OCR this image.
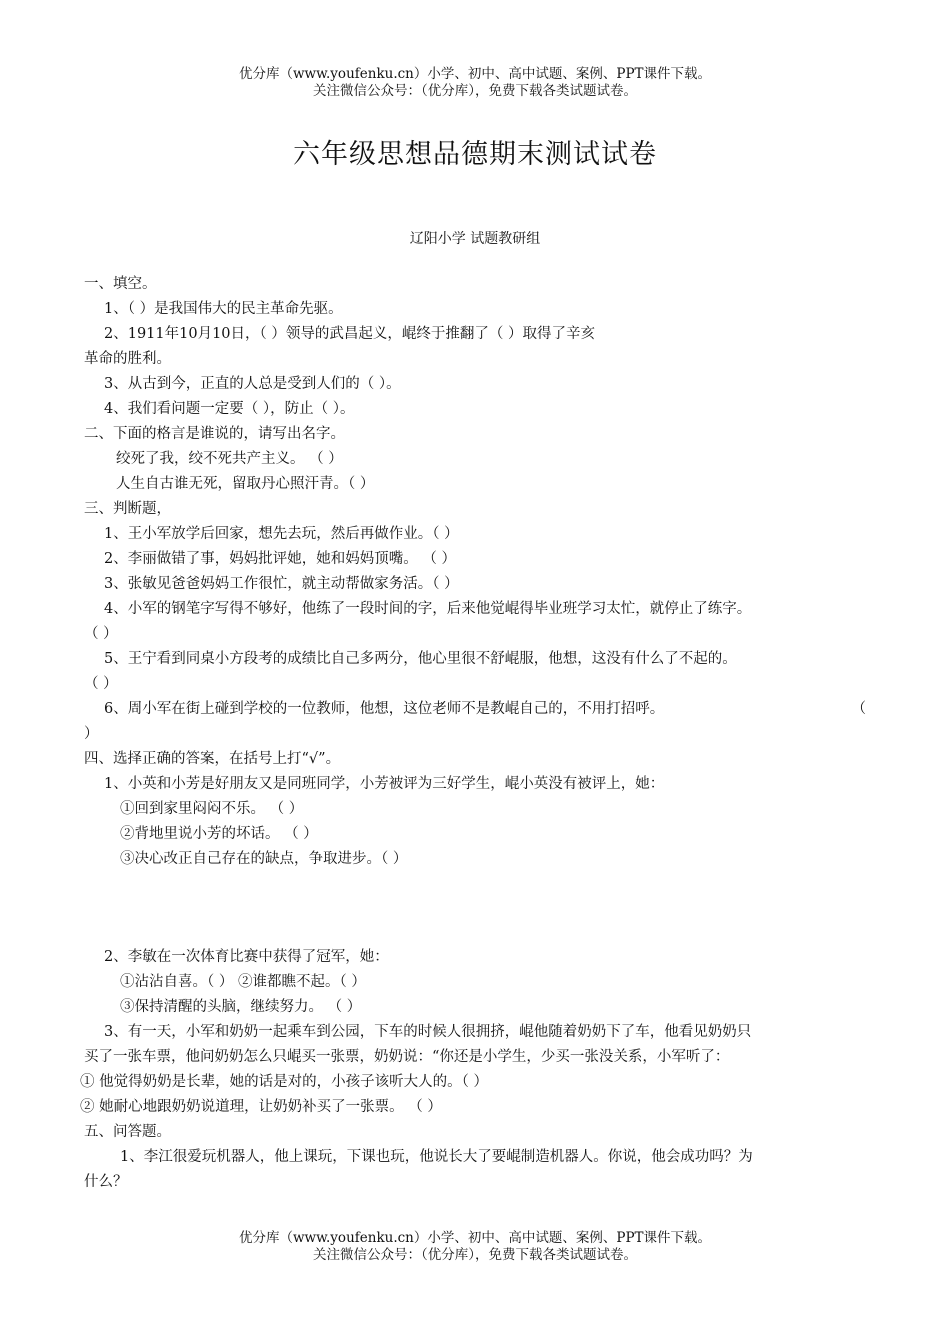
优分库（www.youfenku.cn）小学、初中、高中试题、案例、PPT课件下载。
关注微信公众号：（优分库），免费下载各类试题试卷。
六年级思想品德期末测试试卷
辽阳小学 试题教研组
一、填空。
1、（ ）是我国伟大的民主革命先驱。
2、1911年10月10日，（ ）领导的武昌起义，崐终于推翻了（ ）取得了辛亥
革命的胜利。
3、从古到今，正直的人总是受到人们的（ ）。
4、我们看问题一定要（ ），防止（ ）。
二、下面的格言是谁说的，请写出名字。
绞死了我，绞不死共产主义。 （ ）
人生自古谁无死，留取丹心照汗青。（ ）
三、判断题，
1、王小军放学后回家，想先去玩，然后再做作业。（ ）
2、李丽做错了事，妈妈批评她，她和妈妈顶嘴。 （ ）
3、张敏见爸爸妈妈工作很忙，就主动帮做家务活。（ ）
4、小军的钢笔字写得不够好，他练了一段时间的字，后来他觉崐得毕业班学习太忙，就停止了练字。
（ ）
5、王宁看到同桌小方段考的成绩比自己多两分，他心里很不舒崐服，他想，这没有什么了不起的。
（ ）
6、周小军在街上碰到学校的一位教师，他想，这位老师不是教崐自己的，不用打招呼。	（
）
四、选择正确的答案，在括号上打“√”。
1、小英和小芳是好朋友又是同班同学，小芳被评为三好学生，崐小英没有被评上，她：
①回到家里闷闷不乐。 （ ）
②背地里说小芳的坏话。 （ ）
③决心改正自己存在的缺点，争取进步。（ ）
2、李敏在一次体育比赛中获得了冠军，她：
①沾沾自喜。（ ） ②谁都瞧不起。（ ）
③保持清醒的头脑，继续努力。 （ ）
3、有一天，小军和奶奶一起乘车到公园，下车的时候人很拥挤，崐他随着奶奶下了车，他看见奶奶只
买了一张车票，他问奶奶怎么只崐买一张票，奶奶说：“你还是小学生，少买一张没关系，小军听了：
① 他觉得奶奶是长辈，她的话是对的，小孩子该听大人的。（ ）
② 她耐心地跟奶奶说道理，让奶奶补买了一张票。 （ ）
五、问答题。
1、李江很爱玩机器人，他上课玩，下课也玩，他说长大了要崐制造机器人。你说，他会成功吗？为
什么？
优分库（www.youfenku.cn）小学、初中、高中试题、案例、PPT课件下载。
关注微信公众号：（优分库），免费下载各类试题试卷。
